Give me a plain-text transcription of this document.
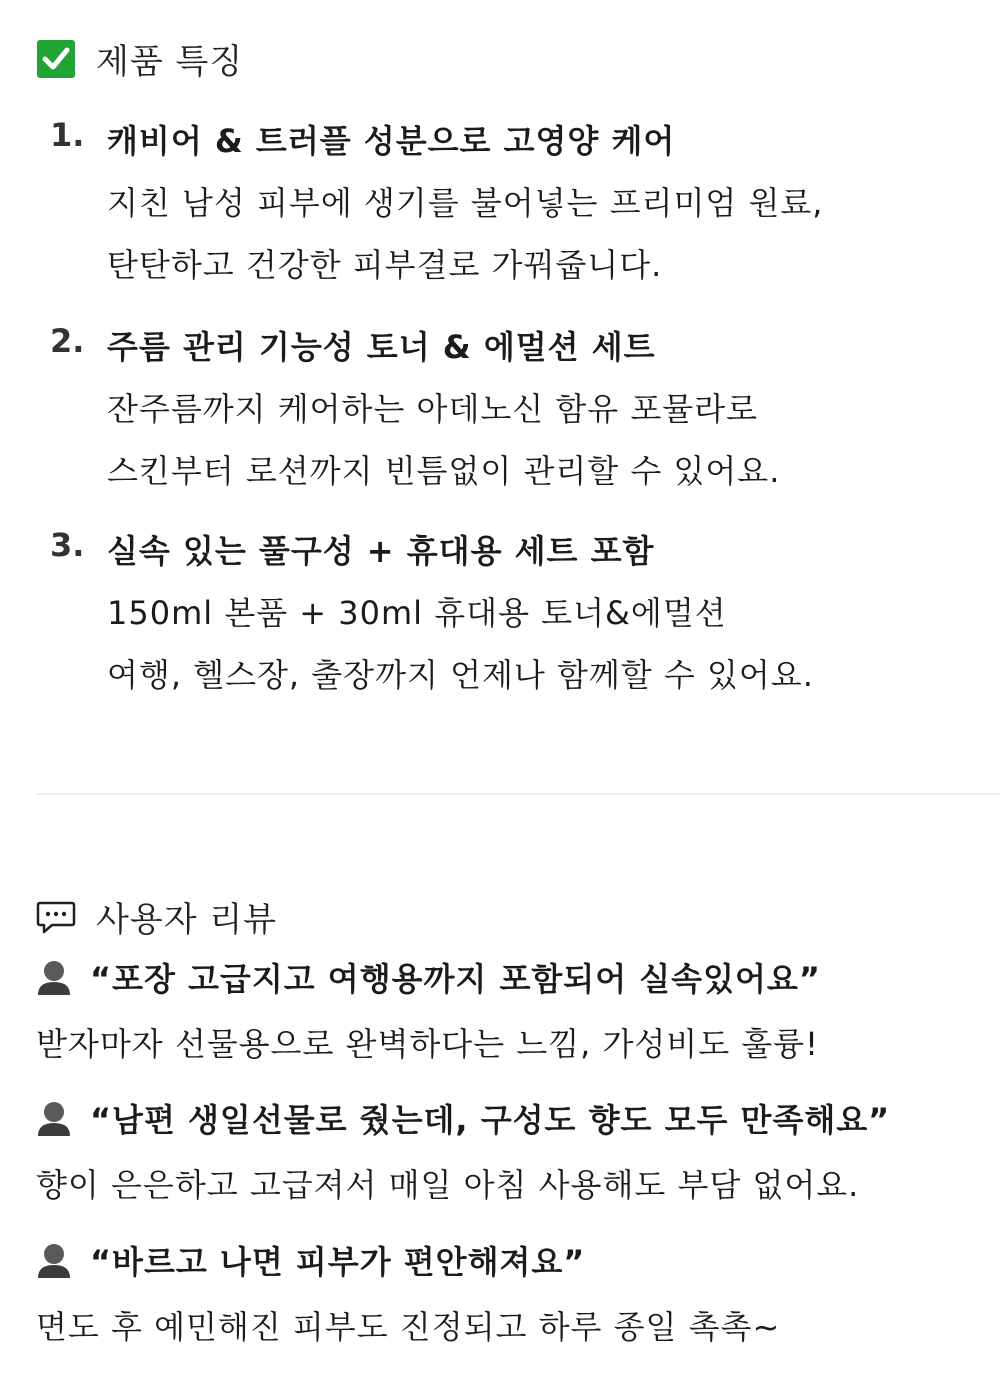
제품 특징
1. 캐비어 & 트러플 성분으로 고영양 케어
지친 남성 피부에 생기를 불어넣는 프리미엄 원료,
탄탄하고 건강한 피부결로 가꿔줍니다.
2. 주름 관리 기능성 토너 & 에멀션 세트
잔주름까지 케어하는 아데노신 함유 포뮬라로
스킨부터 로션까지 빈틈없이 관리할 수 있어요.
3. 실속 있는 풀구성 + 휴대용 세트 포함
150ml 본품 + 30ml 휴대용 토너&에멀션
여행, 헬스장, 출장까지 언제나 함께할 수 있어요.
사용자 리뷰
“포장 고급지고 여행용까지 포함되어 실속있어요”
받자마자 선물용으로 완벽하다는 느낌, 가성비도 훌륭!
“남편 생일선물로 줬는데, 구성도 향도 모두 만족해요”
향이 은은하고 고급져서 매일 아침 사용해도 부담 없어요.
“바르고 나면 피부가 편안해져요”
면도 후 예민해진 피부도 진정되고 하루 종일 촉촉~
